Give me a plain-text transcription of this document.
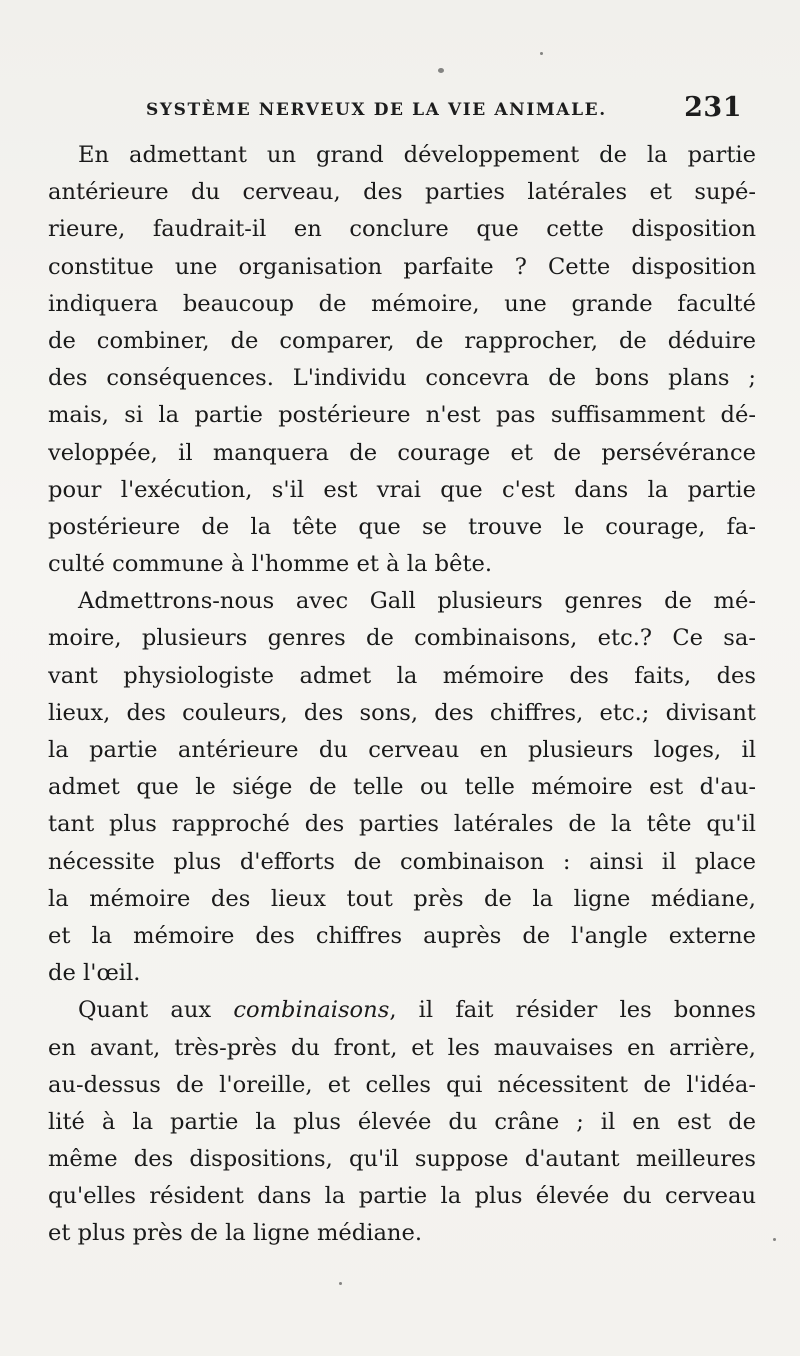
SYSTÈME NERVEUX DE LA VIE ANIMALE.	231
En admettant un grand développement de la partie
antérieure du cerveau, des parties latérales et supé-
rieure, faudrait-il en conclure que cette disposition
constitue une organisation parfaite ? Cette disposition
indiquera beaucoup de mémoire, une grande faculté
de combiner, de comparer, de rapprocher, de déduire
des conséquences. L'individu concevra de bons plans ;
mais, si la partie postérieure n'est pas suffisamment dé-
veloppée, il manquera de courage et de persévérance
pour l'exécution, s'il est vrai que c'est dans la partie
postérieure de la tête que se trouve le courage, fa-
culté commune à l'homme et à la bête.
Admettrons-nous avec Gall plusieurs genres de mé-
moire, plusieurs genres de combinaisons, etc.? Ce sa-
vant physiologiste admet la mémoire des faits, des
lieux, des couleurs, des sons, des chiffres, etc.; divisant
la partie antérieure du cerveau en plusieurs loges, il
admet que le siége de telle ou telle mémoire est d'au-
tant plus rapproché des parties latérales de la tête qu'il
nécessite plus d'efforts de combinaison : ainsi il place
la mémoire des lieux tout près de la ligne médiane,
et la mémoire des chiffres auprès de l'angle externe
de l'œil.
Quant aux combinaisons, il fait résider les bonnes
en avant, très-près du front, et les mauvaises en arrière,
au-dessus de l'oreille, et celles qui nécessitent de l'idéa-
lité à la partie la plus élevée du crâne ; il en est de
même des dispositions, qu'il suppose d'autant meilleures
qu'elles résident dans la partie la plus élevée du cerveau
et plus près de la ligne médiane.
